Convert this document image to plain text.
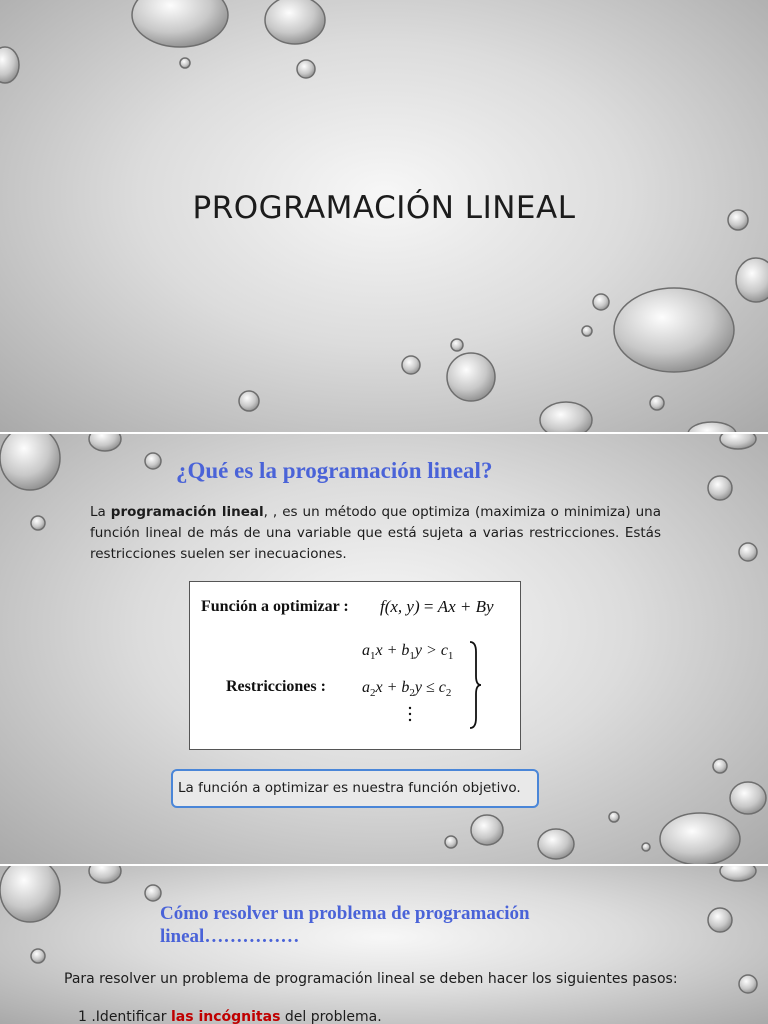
PROGRAMACIÓN LINEAL
¿Qué es la programación lineal?
La programación lineal, , es un método que optimiza (maximiza o minimiza) una función lineal de más de una variable que está sujeta a varias restricciones. Estás restricciones suelen ser inecuaciones.
Función a optimizar : f(x, y) = Ax + By
Restricciones :
$a_1x + b_1y > c_1$
$a_2x + b_2y \le c_2$
La función a optimizar es nuestra función objetivo.
Cómo resolver un problema de programación lineal……………
Para resolver un problema de programación lineal se deben hacer los siguientes pasos:
1 .Identificar las incógnitas del problema.
